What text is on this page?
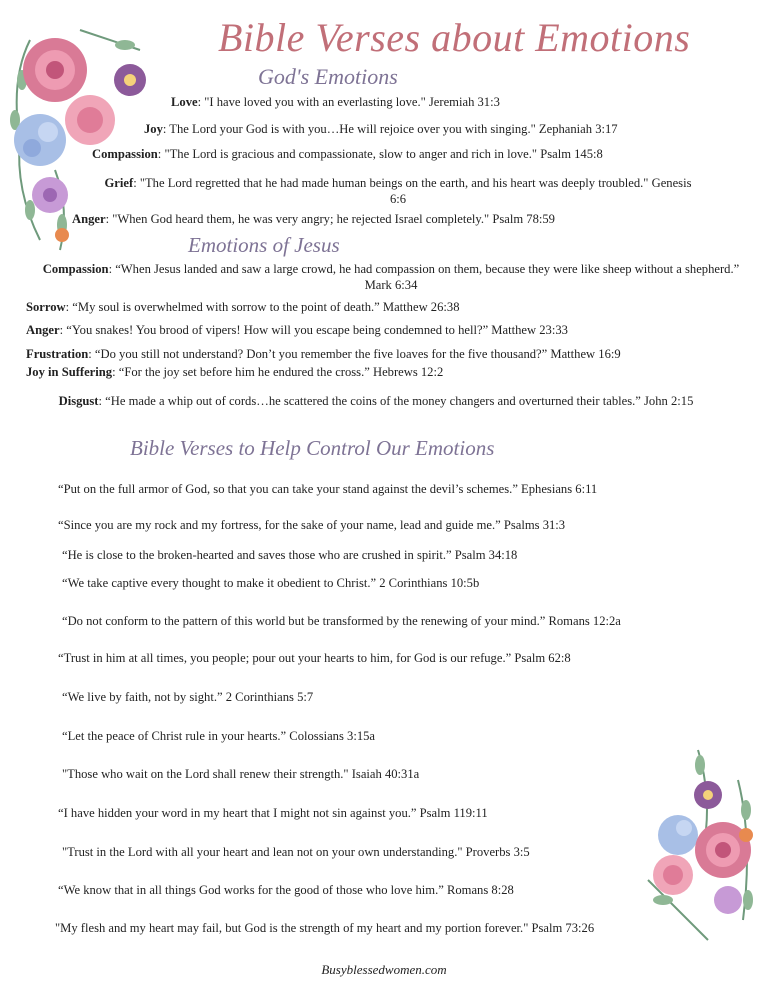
Bible Verses about Emotions
God's Emotions
Love: "I have loved you with an everlasting love." Jeremiah 31:3
Joy: The Lord your God is with you…He will rejoice over you with singing." Zephaniah 3:17
Compassion: "The Lord is gracious and compassionate, slow to anger and rich in love." Psalm 145:8
Grief: "The Lord regretted that he had made human beings on the earth, and his heart was deeply troubled." Genesis 6:6
Anger: "When God heard them, he was very angry; he rejected Israel completely." Psalm 78:59
Emotions of Jesus
Compassion: “When Jesus landed and saw a large crowd, he had compassion on them, because they were like sheep without a shepherd.” Mark 6:34
Sorrow: “My soul is overwhelmed with sorrow to the point of death.” Matthew 26:38
Anger: “You snakes! You brood of vipers! How will you escape being condemned to hell?” Matthew 23:33
Frustration: “Do you still not understand? Don’t you remember the five loaves for the five thousand?” Matthew 16:9
Joy in Suffering: “For the joy set before him he endured the cross.” Hebrews 12:2
Disgust: “He made a whip out of cords…he scattered the coins of the money changers and overturned their tables.” John 2:15
Bible Verses to Help Control Our Emotions
“Put on the full armor of God, so that you can take your stand against the devil’s schemes.” Ephesians 6:11
“Since you are my rock and my fortress, for the sake of your name, lead and guide me.” Psalms 31:3
“He is close to the broken-hearted and saves those who are crushed in spirit.” Psalm 34:18
“We take captive every thought to make it obedient to Christ.” 2 Corinthians 10:5b
“Do not conform to the pattern of this world but be transformed by the renewing of your mind.” Romans 12:2a
“Trust in him at all times, you people; pour out your hearts to him, for God is our refuge.” Psalm 62:8
“We live by faith, not by sight.” 2 Corinthians 5:7
“Let the peace of Christ rule in your hearts.” Colossians 3:15a
"Those who wait on the Lord shall renew their strength." Isaiah 40:31a
“I have hidden your word in my heart that I might not sin against you.” Psalm 119:11
"Trust in the Lord with all your heart and lean not on your own understanding." Proverbs 3:5
“We know that in all things God works for the good of those who love him.” Romans 8:28
"My flesh and my heart may fail, but God is the strength of my heart and my portion forever." Psalm 73:26
Busyblessedwomen.com
